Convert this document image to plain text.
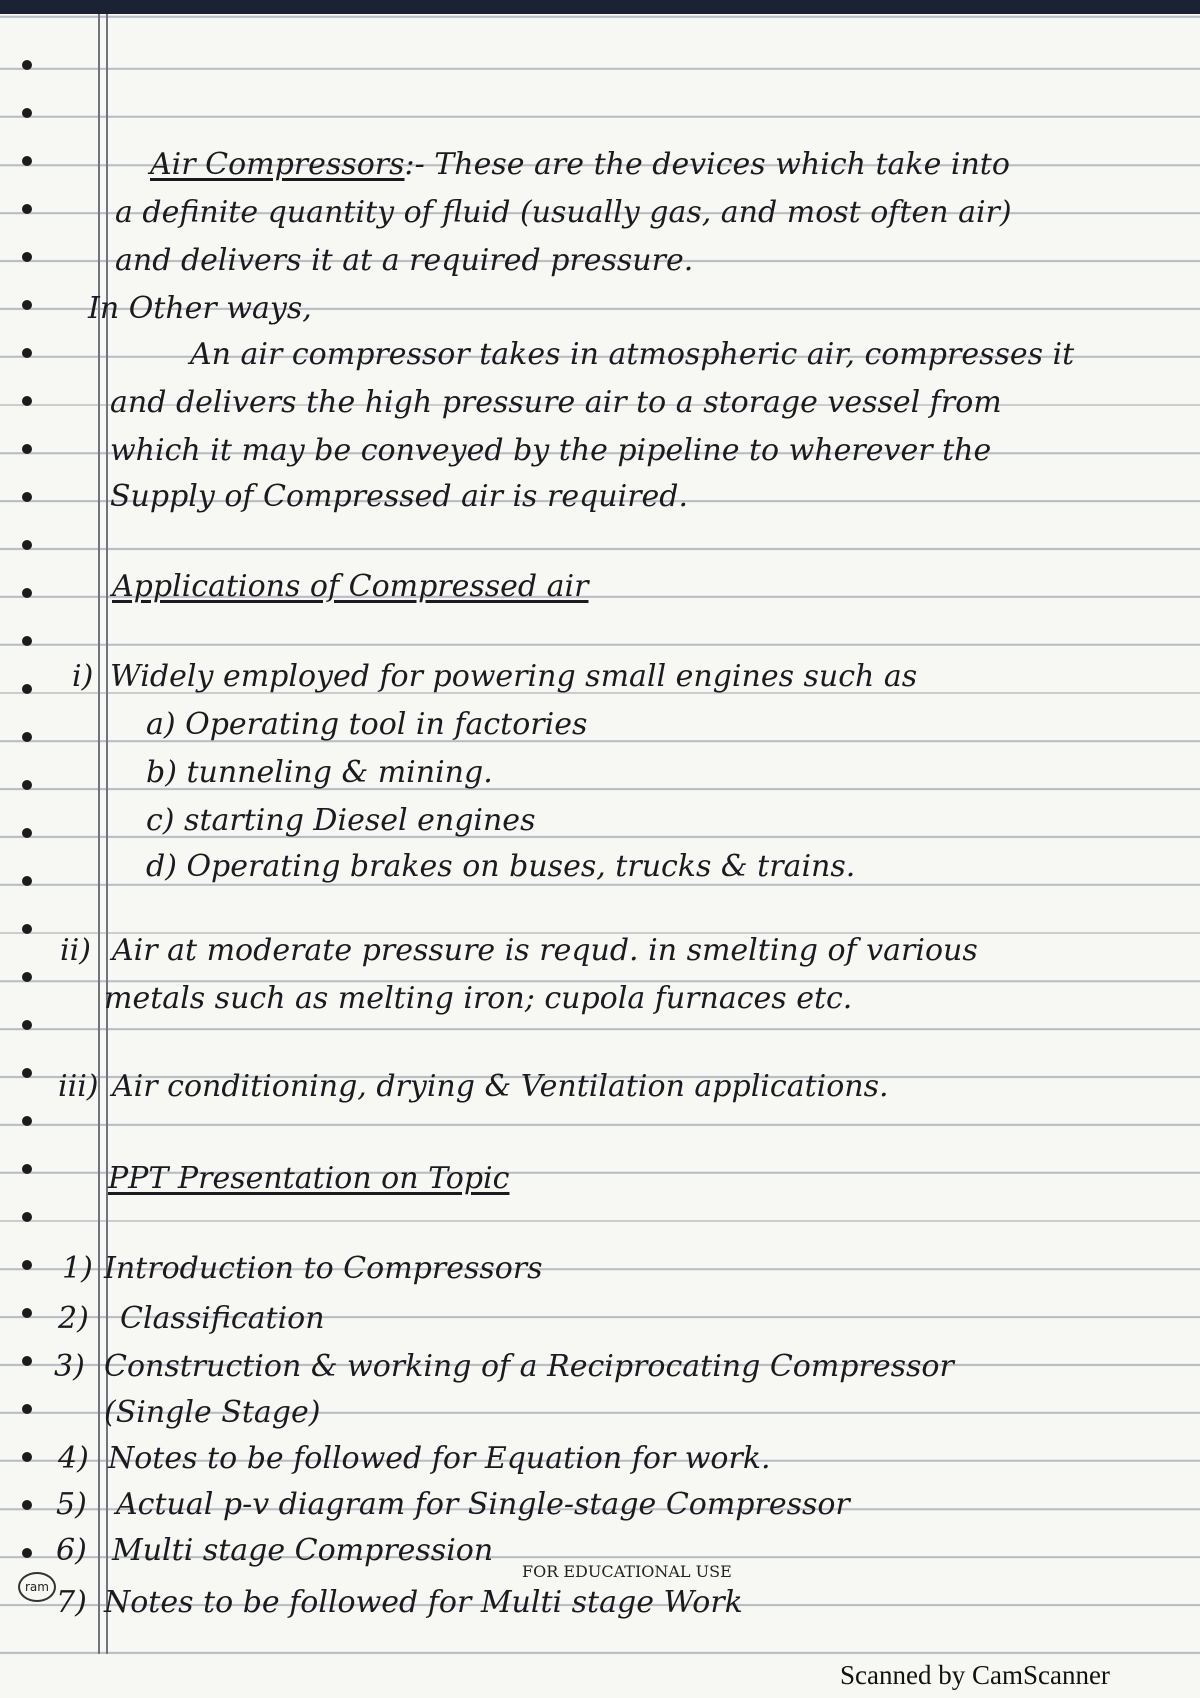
Air Compressors:- These are the devices which take into
a definite quantity of fluid (usually gas, and most often air)
and delivers it at a required pressure.
In Other ways,
An air compressor takes in atmospheric air, compresses it
and delivers the high pressure air to a storage vessel from
which it may be conveyed by the pipeline to wherever the
Supply of Compressed air is required.
Applications of Compressed air
i) Widely employed for powering small engines such as
a) Operating tool in factories
b) tunneling & mining.
c) starting Diesel engines
d) Operating brakes on buses, trucks & trains.
ii) Air at moderate pressure is requd. in smelting of various
metals such as melting iron; cupola furnaces etc.
iii) Air conditioning, drying & Ventilation applications.
PPT Presentation on Topic
1) Introduction to Compressors
2) Classification
3) Construction & working of a Reciprocating Compressor
(Single Stage)
4) Notes to be followed for Equation for work.
5) Actual p-v diagram for Single-stage Compressor
6) Multi stage Compression
7) Notes to be followed for Multi stage Work
ram
FOR EDUCATIONAL USE
Scanned by CamScanner
